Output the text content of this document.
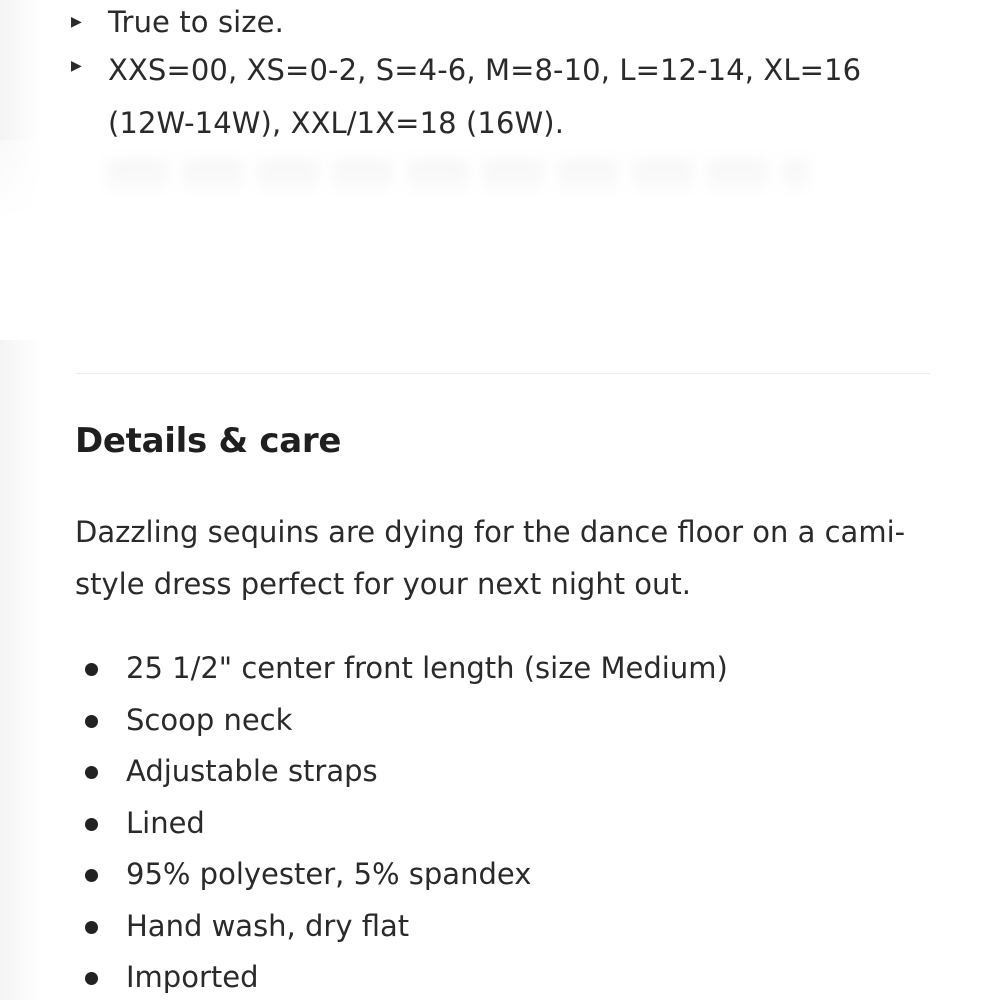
▶ True to size.
▶ XXS=00, XS=0-2, S=4-6, M=8-10, L=12-14, XL=16 (12W-14W), XXL/1X=18 (16W).
Details & care

Dazzling sequins are dying for the dance floor on a cami-style dress perfect for your next night out.

25 1/2" center front length (size Medium)
Scoop neck
Adjustable straps
Lined
95% polyester, 5% spandex
Hand wash, dry flat
Imported
